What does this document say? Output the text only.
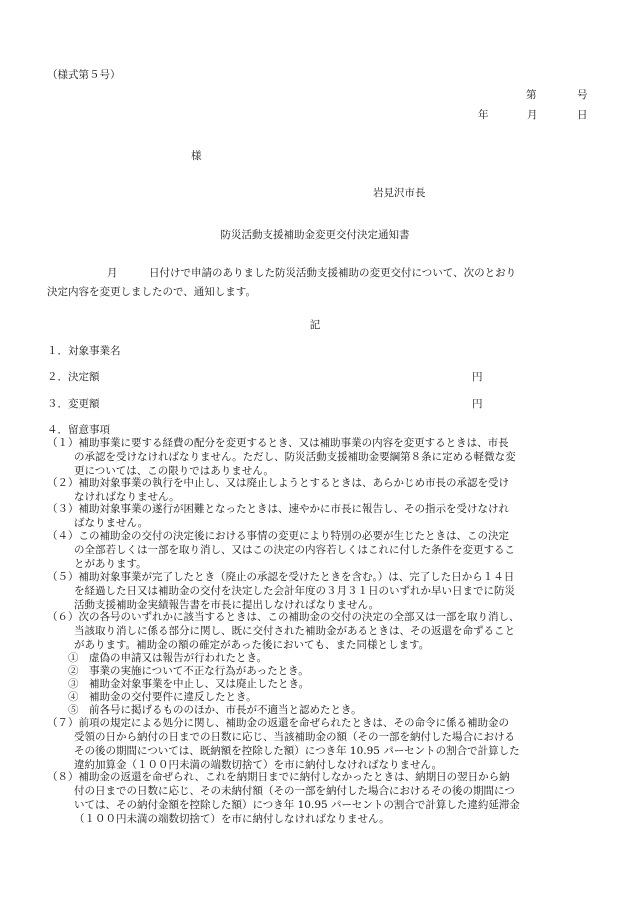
（様式第５号）
第	号
年	月	日
様
岩見沢市長
防災活動支援補助金変更交付決定通知書
月　　　日付けで申請のありました防災活動支援補助の変更交付について、次のとおり
決定内容を変更しましたので、通知します。
記
１．対象事業名
２．決定額	円
３．変更額	円
４．留意事項
（１）補助事業に要する経費の配分を変更するとき、又は補助事業の内容を変更するときは、市長
の承認を受けなければなりません。ただし、防災活動支援補助金要綱第８条に定める軽微な変
更については、この限りではありません。
（２）補助対象事業の執行を中止し、又は廃止しようとするときは、あらかじめ市長の承認を受け
なければなりません。
（３）補助対象事業の遂行が困難となったときは、速やかに市長に報告し、その指示を受けなけれ
ばなりません。
（４）この補助金の交付の決定後における事情の変更により特別の必要が生じたときは、この決定
の全部若しくは一部を取り消し、又はこの決定の内容若しくはこれに付した条件を変更するこ
とがあります。
（５）補助対象事業が完了したとき（廃止の承認を受けたときを含む。）は、完了した日から１４日
を経過した日又は補助金の交付を決定した会計年度の３月３１日のいずれか早い日までに防災
活動支援補助金実績報告書を市長に提出しなければなりません。
（６）次の各号のいずれかに該当するときは、この補助金の交付の決定の全部又は一部を取り消し、
当該取り消しに係る部分に関し、既に交付された補助金があるときは、その返還を命ずること
があります。補助金の額の確定があった後においても、また同様とします。
①　虚偽の申請又は報告が行われたとき。
②　事業の実施について不正な行為があったとき。
③　補助金対象事業を中止し、又は廃止したとき。
④　補助金の交付要件に違反したとき。
⑤　前各号に掲げるもののほか、市長が不適当と認めたとき。
（７）前項の規定による処分に関し、補助金の返還を命ぜられたときは、その命令に係る補助金の
受領の日から納付の日までの日数に応じ、当該補助金の額（その一部を納付した場合における
その後の期間については、既納額を控除した額）につき年 10.95 パーセントの割合で計算した
違約加算金（１００円未満の端数切捨て）を市に納付しなければなりません。
（８）補助金の返還を命ぜられ、これを納期日までに納付しなかったときは、納期日の翌日から納
付の日までの日数に応じ、その未納付額（その一部を納付した場合におけるその後の期間につ
いては、その納付金額を控除した額）につき年 10.95 パーセントの割合で計算した違約延滞金
（１００円未満の端数切捨て）を市に納付しなければなりません。
